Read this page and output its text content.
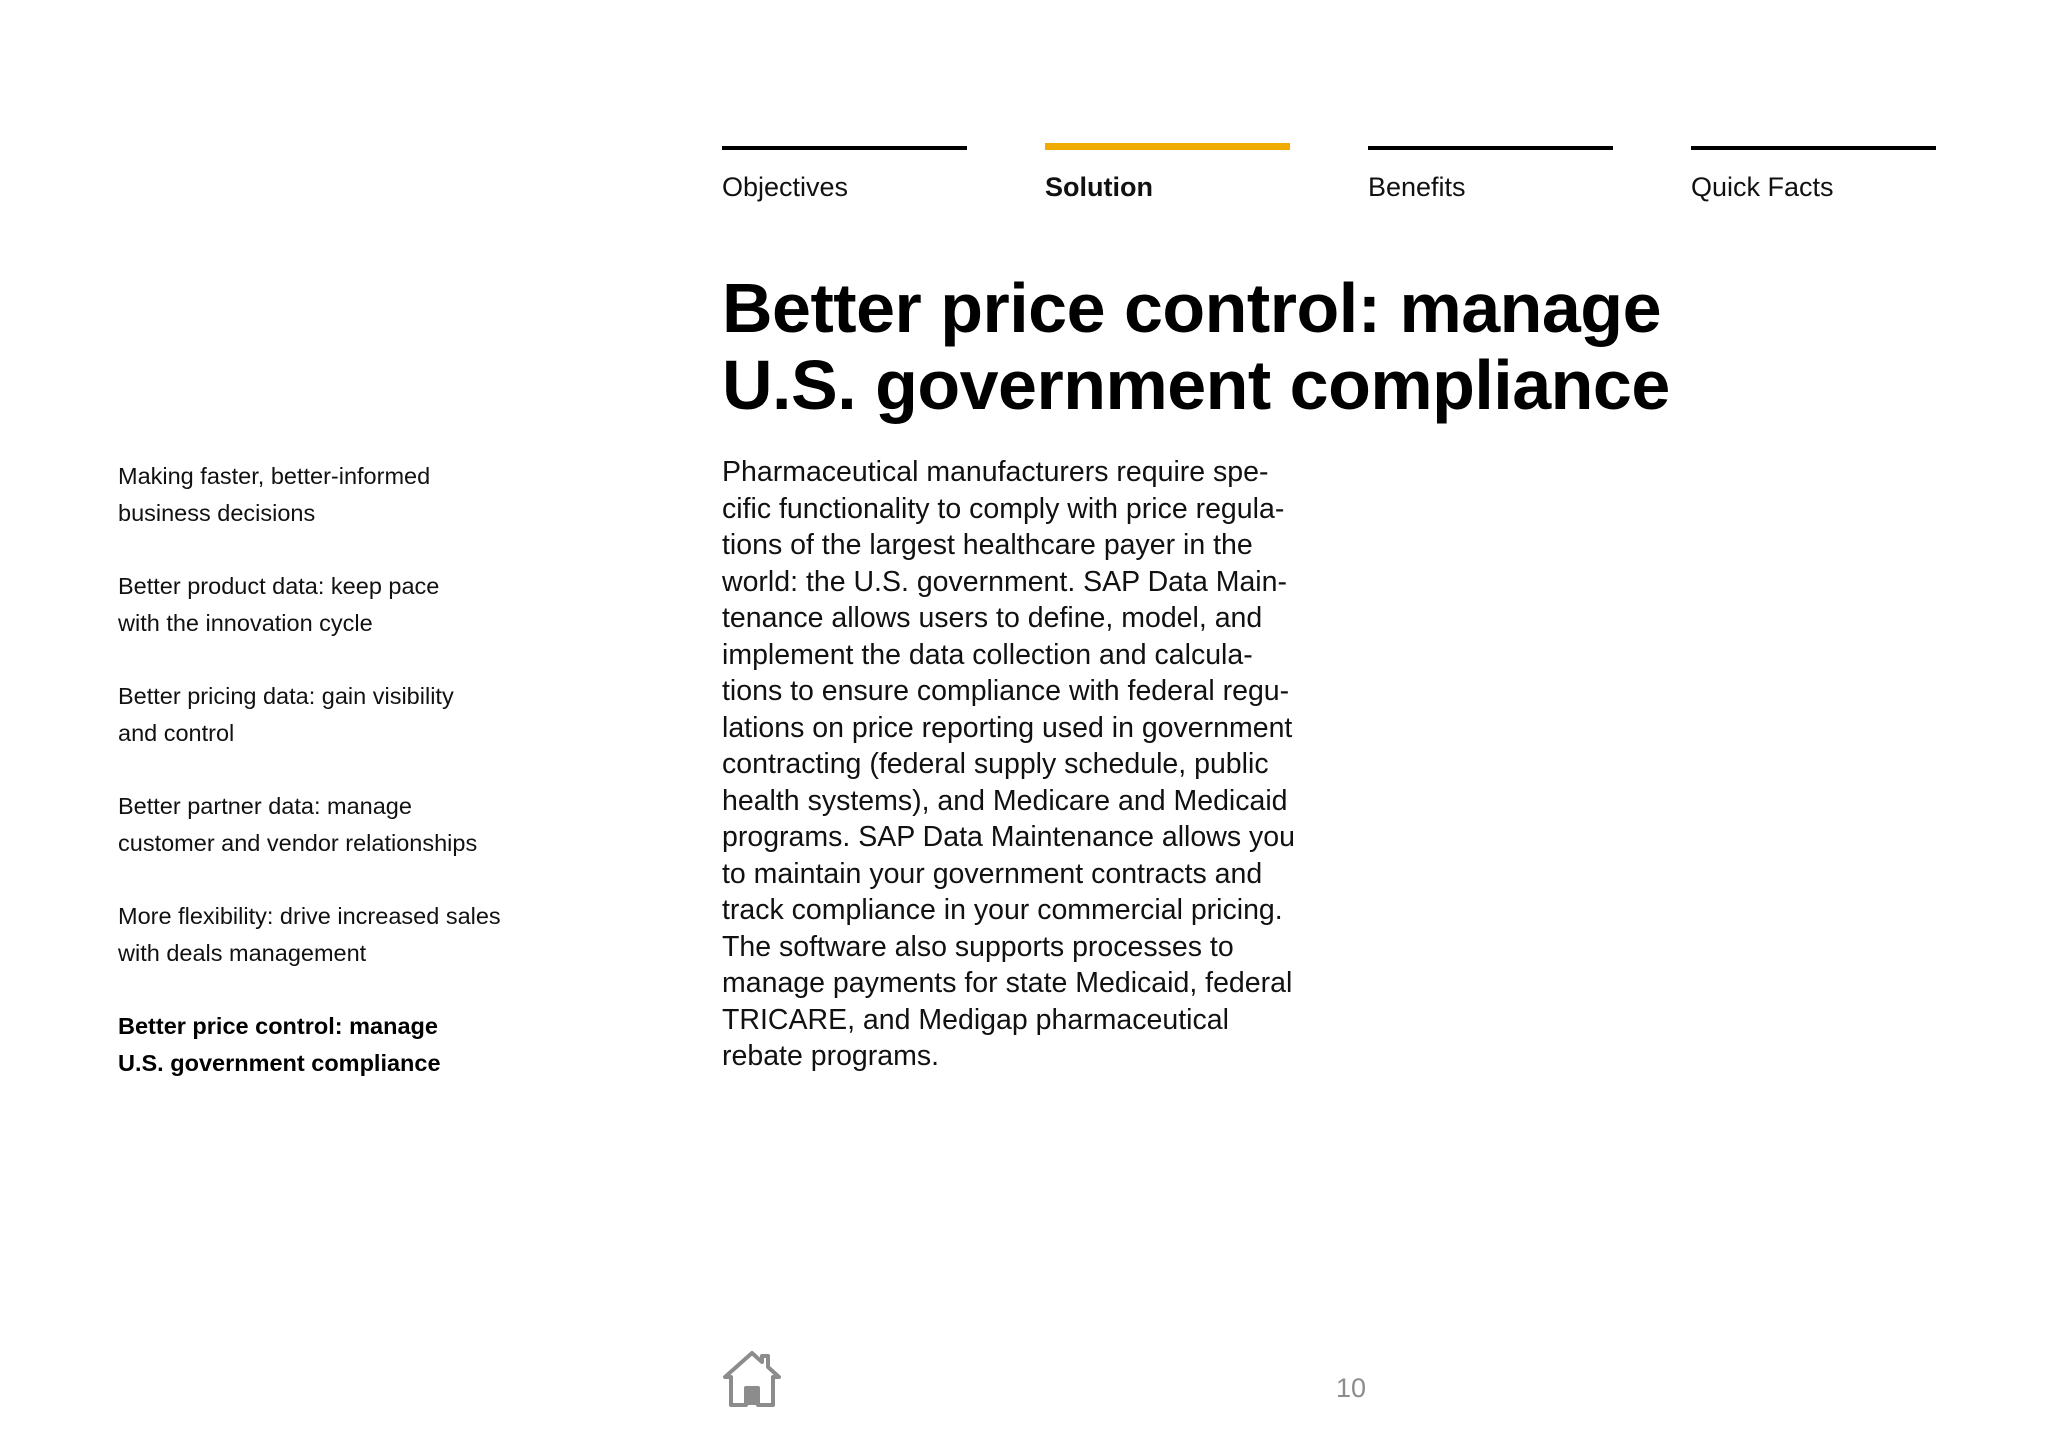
Objectives	Solution	Benefits	Quick Facts
Better price control: manage
U.S. government compliance
Pharmaceutical manufacturers require spe-
cific functionality to comply with price regula-
tions of the largest healthcare payer in the
world: the U.S. government. SAP Data Main-
tenance allows users to define, model, and
implement the data collection and calcula-
tions to ensure compliance with federal regu-
lations on price reporting used in government
contracting (federal supply schedule, public
health systems), and Medicare and Medicaid
programs. SAP Data Maintenance allows you
to maintain your government contracts and
track compliance in your commercial pricing.
The software also supports processes to
manage payments for state Medicaid, federal
TRICARE, and Medigap pharmaceutical
rebate programs.
Making faster, better-informed
business decisions
Better product data: keep pace
with the innovation cycle
Better pricing data: gain visibility
and control
Better partner data: manage
customer and vendor relationships
More flexibility: drive increased sales
with deals management
Better price control: manage
U.S. government compliance
10
